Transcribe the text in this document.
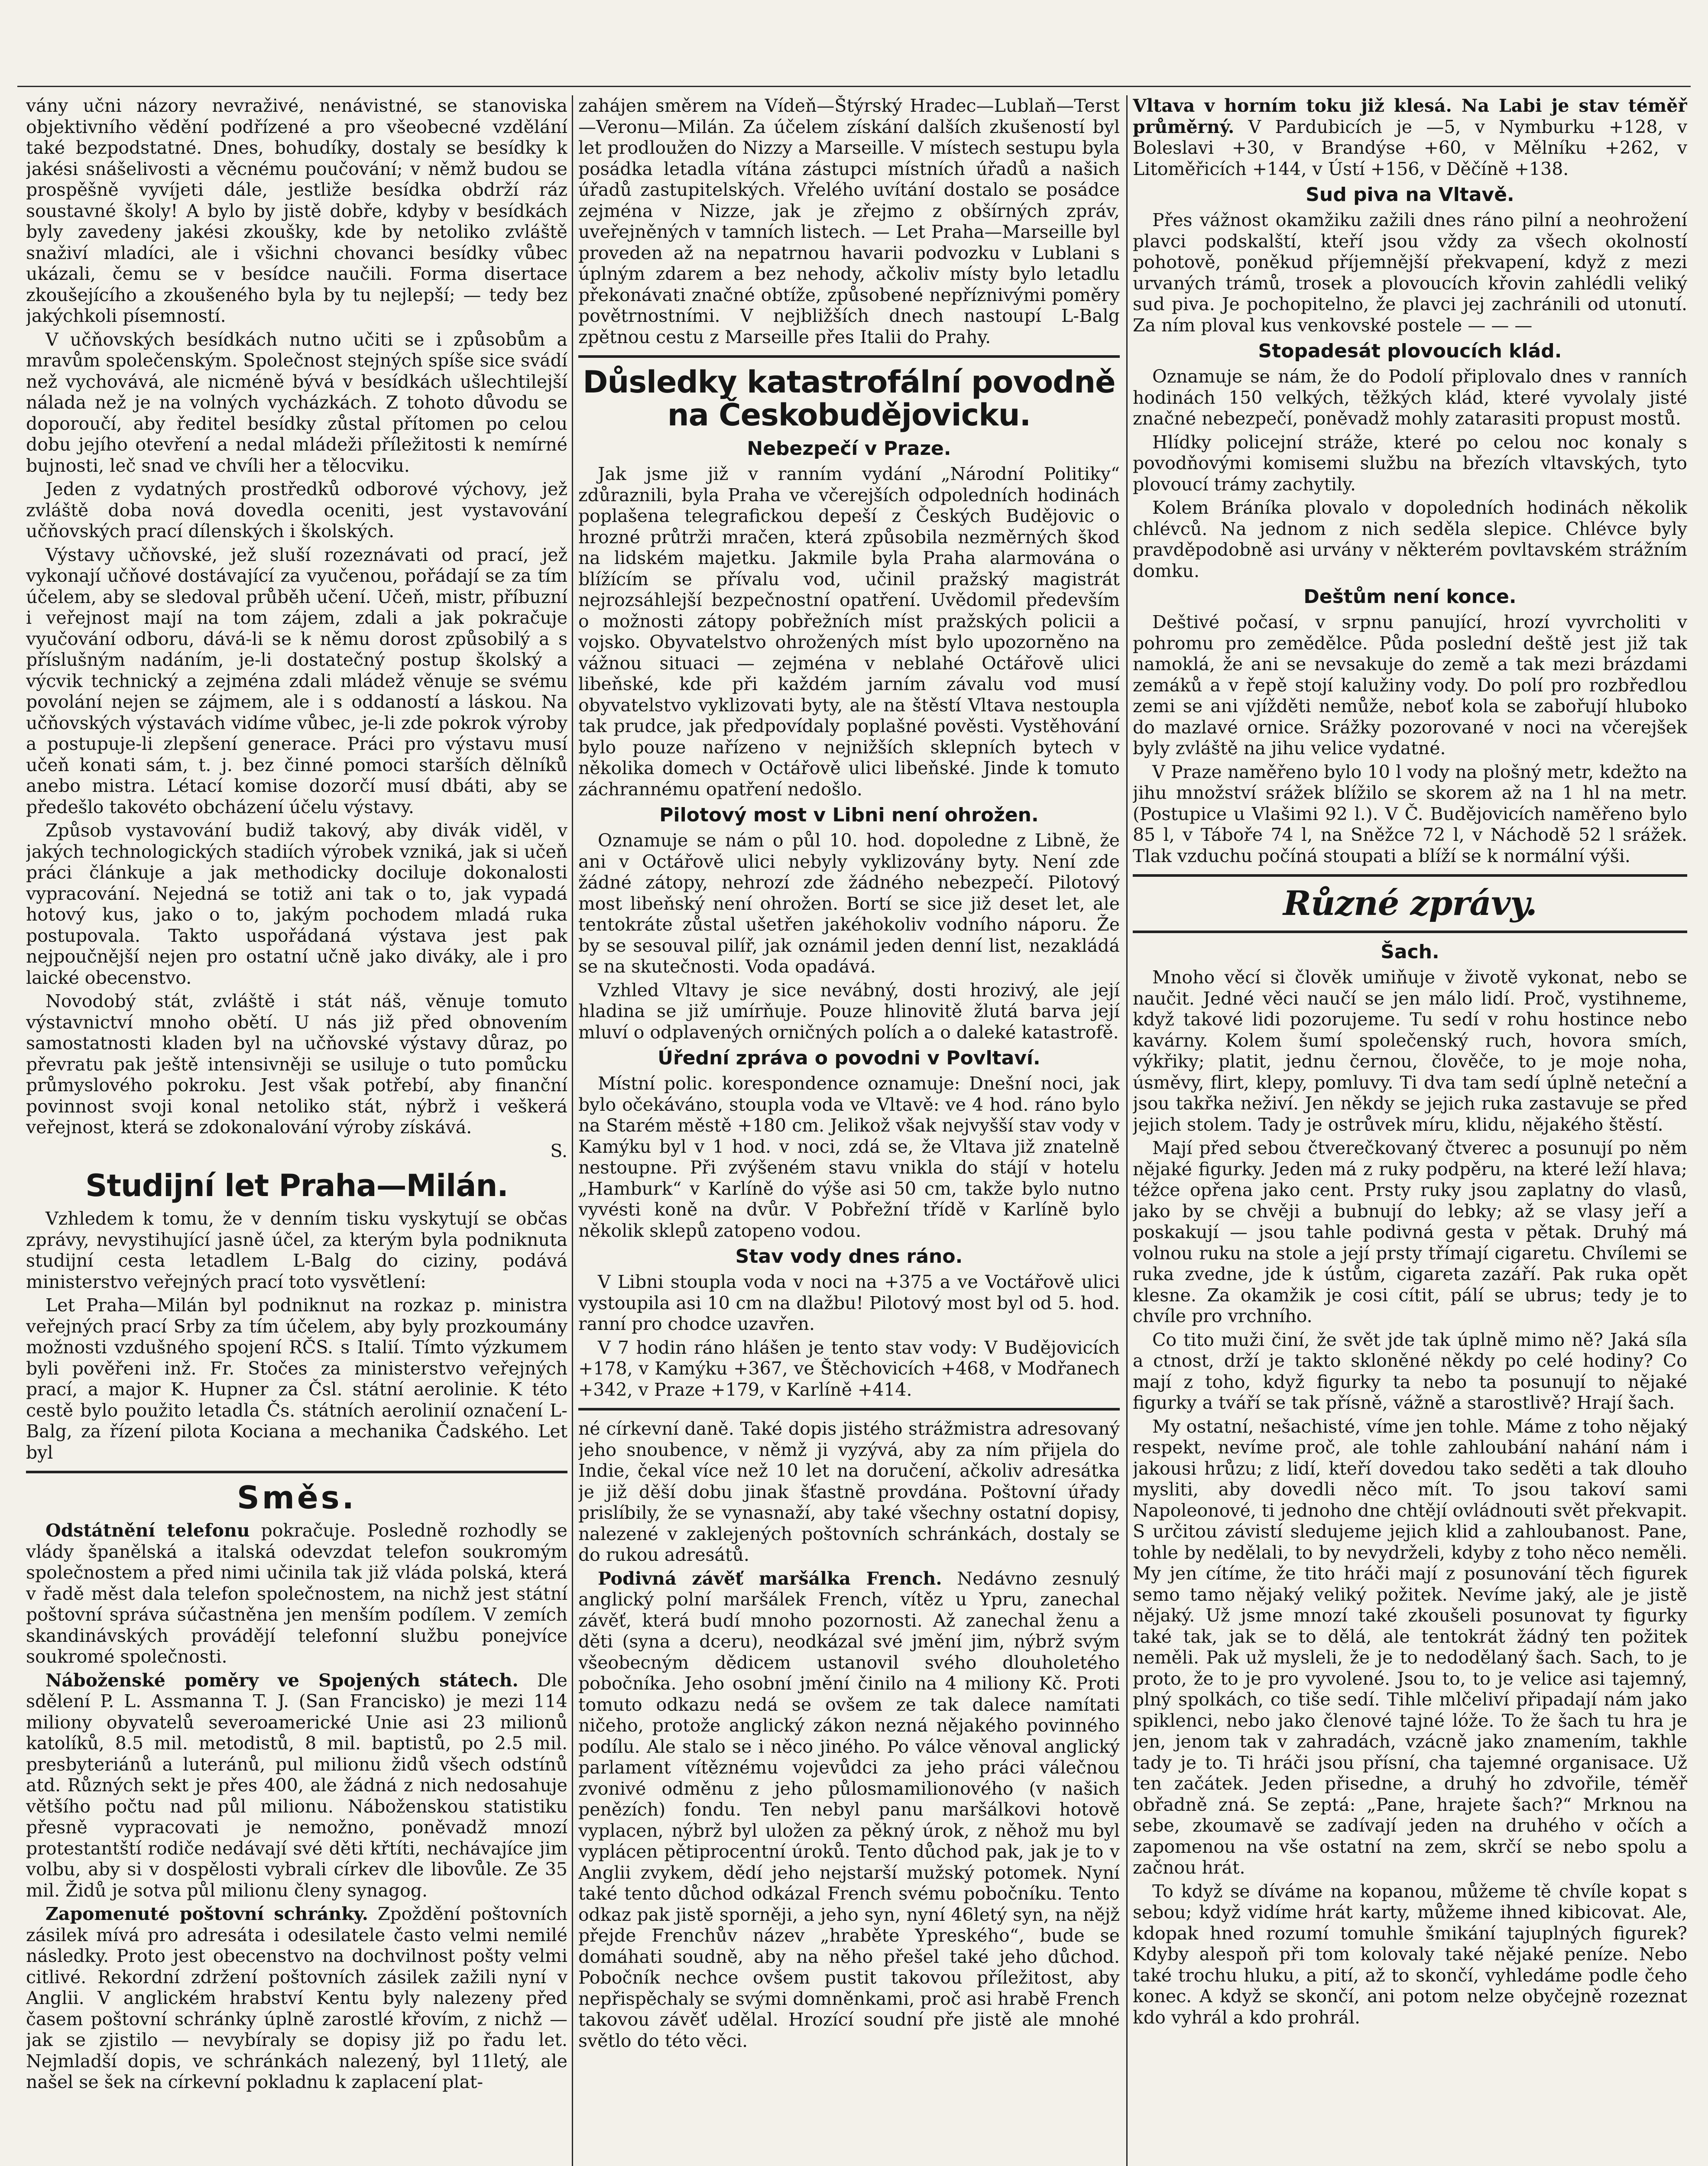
vány učni názory nevraživé, nenávistné, se stanoviska objektivního vědění podřízené a pro všeobecné vzdělání také bezpodstatné. Dnes, bohudíky, dostaly se besídky k jakési snášelivosti a věcnému poučování; v němž budou se prospěšně vyvíjeti dále, jestliže besídka obdrží ráz soustavné školy! A bylo by jistě dobře, kdyby v besídkách byly zavedeny jakési zkoušky, kde by netoliko zvláště snaživí mladíci, ale i všichni chovanci besídky vůbec ukázali, čemu se v besídce naučili. Forma disertace zkoušejícího a zkoušeného byla by tu nejlepší; — tedy bez jakýchkoli písemností.

V učňovských besídkách nutno učiti se i způsobům a mravům společenským. Společnost stejných spíše sice svádí než vychovává, ale nicméně bývá v besídkách ušlechtilejší nálada než je na volných vycházkách. Z tohoto důvodu se doporoučí, aby ředitel besídky zůstal přítomen po celou dobu jejího otevření a nedal mládeži příležitosti k nemírné bujnosti, leč snad ve chvíli her a tělocviku.

Jeden z vydatných prostředků odborové výchovy, jež zvláště doba nová dovedla oceniti, jest vystavování učňovských prací dílenských i školských.

Výstavy učňovské, jež sluší rozeznávati od prací, jež vykonají učňové dostávající za vyučenou, pořádají se za tím účelem, aby se sledoval průběh učení. Učeň, mistr, příbuzní i veřejnost mají na tom zájem, zdali a jak pokračuje vyučování odboru, dává-li se k němu dorost způsobilý a s příslušným nadáním, je-li dostatečný postup školský a výcvik technický a zejména zdali mládež věnuje se svému povolání nejen se zájmem, ale i s oddaností a láskou. Na učňovských výstavách vidíme vůbec, je-li zde pokrok výroby a postupuje-li zlepšení generace. Práci pro výstavu musí učeň konati sám, t. j. bez činné pomoci starších dělníků anebo mistra. Létací komise dozorčí musí dbáti, aby se předešlo takovéto obcházení účelu výstavy.

Způsob vystavování budiž takový, aby divák viděl, v jakých technologických stadiích výrobek vzniká, jak si učeň práci článkuje a jak methodicky dociluje dokonalosti vypracování. Nejedná se totiž ani tak o to, jak vypadá hotový kus, jako o to, jakým pochodem mladá ruka postupovala. Takto uspořádaná výstava jest pak nejpoučnější nejen pro ostatní učně jako diváky, ale i pro laické obecenstvo.

Novodobý stát, zvláště i stát náš, věnuje tomuto výstavnictví mnoho obětí. U nás již před obnovením samostatnosti kladen byl na učňovské výstavy důraz, po převratu pak ještě intensivněji se usiluje o tuto pomůcku průmyslového pokroku. Jest však potřebí, aby finanční povinnost svoji konal netoliko stát, nýbrž i veškerá veřejnost, která se zdokonalování výroby získává.

S.

Studijní let Praha—Milán.

Vzhledem k tomu, že v denním tisku vyskytují se občas zprávy, nevystihující jasně účel, za kterým byla podniknuta studijní cesta letadlem L-Balg do ciziny, podává ministerstvo veřejných prací toto vysvětlení:

Let Praha—Milán byl podniknut na rozkaz p. ministra veřejných prací Srby za tím účelem, aby byly prozkoumány možnosti vzdušného spojení RČS. s Italií. Tímto výzkumem byli pověřeni inž. Fr. Stočes za ministerstvo veřejných prací, a major K. Hupner za Čsl. státní aerolinie. K této cestě bylo použito letadla Čs. státních aerolinií označení L-Balg, za řízení pilota Kociana a mechanika Čadského. Let byl

Směs.

Odstátnění telefonu pokračuje. Posledně rozhodly se vlády španělská a italská odevzdat telefon soukromým společnostem a před nimi učinila tak již vláda polská, která v řadě měst dala telefon společnostem, na nichž jest státní poštovní správa súčastněna jen menším podílem. V zemích skandinávských provádějí telefonní službu ponejvíce soukromé společnosti.

Náboženské poměry ve Spojených státech. Dle sdělení P. L. Assmanna T. J. (San Francisko) je mezi 114 miliony obyvatelů severoamerické Unie asi 23 milionů katolíků, 8.5 mil. metodistů, 8 mil. baptistů, po 2.5 mil. presbyteriánů a luteránů, pul milionu židů všech odstínů atd. Různých sekt je přes 400, ale žádná z nich nedosahuje většího počtu nad půl milionu. Náboženskou statistiku přesně vypracovati je nemožno, poněvadž mnozí protestantští rodiče nedávají své děti křtíti, nechávajíce jim volbu, aby si v dospělosti vybrali církev dle libovůle. Ze 35 mil. Židů je sotva půl milionu členy synagog.

Zapomenuté poštovní schránky. Zpoždění poštovních zásilek mívá pro adresáta i odesilatele často velmi nemilé následky. Proto jest obecenstvo na dochvilnost pošty velmi citlivé. Rekordní zdržení poštovních zásilek zažili nyní v Anglii. V anglickém hrabství Kentu byly nalezeny před časem poštovní schránky úplně zarostlé křovím, z nichž — jak se zjistilo — nevybíraly se dopisy již po řadu let. Nejmladší dopis, ve schránkách nalezený, byl 11letý, ale našel se šek na církevní pokladnu k zaplacení plat-

zahájen směrem na Vídeň—Štýrský Hradec—Lublaň—Terst—Veronu—Milán. Za účelem získání dalších zkušeností byl let prodloužen do Nizzy a Marseille. V místech sestupu byla posádka letadla vítána zástupci místních úřadů a našich úřadů zastupitelských. Vřelého uvítání dostalo se posádce zejména v Nizze, jak je zřejmo z obšírných zpráv, uveřejněných v tamních listech. — Let Praha—Marseille byl proveden až na nepatrnou havarii podvozku v Lublani s úplným zdarem a bez nehody, ačkoliv místy bylo letadlu překonávati značné obtíže, způsobené nepříznivými poměry povětrnostními. V nejbližších dnech nastoupí L-Balg zpětnou cestu z Marseille přes Italii do Prahy.

Důsledky katastrofální povodně na Českobudějovicku.
Nebezpečí v Praze.

Jak jsme již v ranním vydání „Národní Politiky“ zdůraznili, byla Praha ve včerejších odpoledních hodinách poplašena telegrafickou depeší z Českých Budějovic o hrozné průtrži mračen, která způsobila nezměrných škod na lidském majetku. Jakmile byla Praha alarmována o blížícím se přívalu vod, učinil pražský magistrát nejrozsáhlejší bezpečnostní opatření. Uvědomil především o možnosti zátopy pobřežních míst pražských policii a vojsko. Obyvatelstvo ohrožených míst bylo upozorněno na vážnou situaci — zejména v neblahé Octářově ulici libeňské, kde při každém jarním závalu vod musí obyvatelstvo vyklizovati byty, ale na štěstí Vltava nestoupla tak prudce, jak předpovídaly poplašné pověsti. Vystěhování bylo pouze nařízeno v nejnižších sklepních bytech v několika domech v Octářově ulici libeňské. Jinde k tomuto záchrannému opatření nedošlo.

Pilotový most v Libni není ohrožen.

Oznamuje se nám o půl 10. hod. dopoledne z Libně, že ani v Octářově ulici nebyly vyklizovány byty. Není zde žádné zátopy, nehrozí zde žádného nebezpečí. Pilotový most libeňský není ohrožen. Bortí se sice již deset let, ale tentokráte zůstal ušetřen jakéhokoliv vodního náporu. Že by se sesouval pilíř, jak oznámil jeden denní list, nezakládá se na skutečnosti. Voda opadává.

Vzhled Vltavy je sice nevábný, dosti hrozivý, ale její hladina se již umírňuje. Pouze hlinovitě žlutá barva její mluví o odplavených orničných polích a o daleké katastrofě.

Úřední zpráva o povodni v Povltaví.

Místní polic. korespondence oznamuje: Dnešní noci, jak bylo očekáváno, stoupla voda ve Vltavě: ve 4 hod. ráno bylo na Starém městě +180 cm. Jelikož však nejvyšší stav vody v Kamýku byl v 1 hod. v noci, zdá se, že Vltava již znatelně nestoupne. Při zvýšeném stavu vnikla do stájí v hotelu „Hamburk“ v Karlíně do výše asi 50 cm, takže bylo nutno vyvésti koně na dvůr. V Pobřežní třídě v Karlíně bylo několik sklepů zatopeno vodou.

Stav vody dnes ráno.

V Libni stoupla voda v noci na +375 a ve Voctářově ulici vystoupila asi 10 cm na dlažbu! Pilotový most byl od 5. hod. ranní pro chodce uzavřen.

V 7 hodin ráno hlášen je tento stav vody: V Budějovicích +178, v Kamýku +367, ve Štěchovicích +468, v Modřanech +342, v Praze +179, v Karlíně +414.

né církevní daně. Také dopis jistého strážmistra adresovaný jeho snoubence, v němž ji vyzývá, aby za ním přijela do Indie, čekal více než 10 let na doručení, ačkoliv adresátka je již děší dobu jinak šťastně provdána. Poštovní úřady prislíbily, že se vynasnaží, aby také všechny ostatní dopisy, nalezené v zaklejených poštovních schránkách, dostaly se do rukou adresátů.

Podivná závěť maršálka French. Nedávno zesnulý anglický polní maršálek French, vítěz u Ypru, zanechal závěť, která budí mnoho pozornosti. Až zanechal ženu a děti (syna a dceru), neodkázal své jmění jim, nýbrž svým všeobecným dědicem ustanovil svého dlouholetého pobočníka. Jeho osobní jmění činilo na 4 miliony Kč. Proti tomuto odkazu nedá se ovšem ze tak dalece namítati ničeho, protože anglický zákon nezná nějakého povinného podílu. Ale stalo se i něco jiného. Po válce věnoval anglický parlament vítěznému vojevůdci za jeho práci válečnou zvonivé odměnu z jeho půlosmamilionového (v našich penězích) fondu. Ten nebyl panu maršálkovi hotově vyplacen, nýbrž byl uložen za pěkný úrok, z něhož mu byl vyplácen pětiprocentní úroků. Tento důchod pak, jak je to v Anglii zvykem, dědí jeho nejstarší mužský potomek. Nyní také tento důchod odkázal French svému pobočníku. Tento odkaz pak jistě sporněji, a jeho syn, nyní 46letý syn, na nějž přejde Frenchův název „hraběte Ypreského“, bude se domáhati soudně, aby na něho přešel také jeho důchod. Pobočník nechce ovšem pustit takovou příležitost, aby nepřispěchaly se svými domněnkami, proč asi hrabě French takovou závěť udělal. Hrozící soudní pře jistě ale mnohé světlo do této věci.

Vltava v horním toku již klesá. Na Labi je stav téměř průměrný. V Pardubicích je —5, v Nymburku +128, v Boleslavi +30, v Brandýse +60, v Mělníku +262, v Litoměřicích +144, v Ústí +156, v Děčíně +138.

Sud piva na Vltavě.

Přes vážnost okamžiku zažili dnes ráno pilní a neohrožení plavci podskalští, kteří jsou vždy za všech okolností pohotově, poněkud příjemnější překvapení, když z mezi urvaných trámů, trosek a plovoucích křovin zahlédli veliký sud piva. Je pochopitelno, že plavci jej zachránili od utonutí. Za ním ploval kus venkovské postele — — —

Stopadesát plovoucích klád.

Oznamuje se nám, že do Podolí připlovalo dnes v ranních hodinách 150 velkých, těžkých klád, které vyvolaly jisté značné nebezpečí, poněvadž mohly zatarasiti propust mostů.

Hlídky policejní stráže, které po celou noc konaly s povodňovými komisemi službu na březích vltavských, tyto plovoucí trámy zachytily.

Kolem Bráníka plovalo v dopoledních hodinách několik chlévců. Na jednom z nich seděla slepice. Chlévce byly pravděpodobně asi urvány v některém povltavském strážním domku.

Deštům není konce.

Deštivé počasí, v srpnu panující, hrozí vyvrcholiti v pohromu pro zemědělce. Půda poslední deště jest již tak namoklá, že ani se nevsakuje do země a tak mezi brázdami zemáků a v řepě stojí kalužiny vody. Do polí pro rozbředlou zemi se ani vjížděti nemůže, neboť kola se zabořují hluboko do mazlavé ornice. Srážky pozorované v noci na včerejšek byly zvláště na jihu velice vydatné.

V Praze naměřeno bylo 10 l vody na plošný metr, kdežto na jihu množství srážek blížilo se skorem až na 1 hl na metr. (Postupice u Vlašimi 92 l.). V Č. Budějovicích naměřeno bylo 85 l, v Táboře 74 l, na Sněžce 72 l, v Náchodě 52 l srážek. Tlak vzduchu počíná stoupati a blíží se k normální výši.

Různé zprávy.
Šach.

Mnoho věcí si člověk umiňuje v životě vykonat, nebo se naučit. Jedné věci naučí se jen málo lidí. Proč, vystihneme, když takové lidi pozorujeme. Tu sedí v rohu hostince nebo kavárny. Kolem šumí společenský ruch, hovora smích, výkřiky; platit, jednu černou, člověče, to je moje noha, úsměvy, flirt, klepy, pomluvy. Ti dva tam sedí úplně neteční a jsou takřka neživí. Jen někdy se jejich ruka zastavuje se před jejich stolem. Tady je ostrůvek míru, klidu, nějakého štěstí.

Mají před sebou čtverečkovaný čtverec a posunují po něm nějaké figurky. Jeden má z ruky podpěru, na které leží hlava; téžce opřena jako cent. Prsty ruky jsou zaplatny do vlasů, jako by se chvěji a bubnují do lebky; až se vlasy jeří a poskakují — jsou tahle podivná gesta v pětak. Druhý má volnou ruku na stole a její prsty třímají cigaretu. Chvílemi se ruka zvedne, jde k ústům, cigareta zazáří. Pak ruka opět klesne. Za okamžik je cosi cítit, pálí se ubrus; tedy je to chvíle pro vrchního.

Co tito muži činí, že svět jde tak úplně mimo ně? Jaká síla a ctnost, drží je takto skloněné někdy po celé hodiny? Co mají z toho, když figurky ta nebo ta posunují to nějaké figurky a tváří se tak přísně, vážně a starostlivě? Hrají šach.

My ostatní, nešachisté, víme jen tohle. Máme z toho nějaký respekt, nevíme proč, ale tohle zahloubání nahání nám i jakousi hrůzu; z lidí, kteří dovedou tako seděti a tak dlouho mysliti, aby dovedli něco mít. To jsou takoví sami Napoleonové, ti jednoho dne chtějí ovládnouti svět překvapit. S určitou závistí sledujeme jejich klid a zahloubanost. Pane, tohle by nedělali, to by nevydrželi, kdyby z toho něco neměli. My jen cítíme, že tito hráči mají z posunování těch figurek semo tamo nějaký veliký požitek. Nevíme jaký, ale je jistě nějaký. Už jsme mnozí také zkoušeli posunovat ty figurky také tak, jak se to dělá, ale tentokrát žádný ten požitek neměli. Pak už mysleli, že je to nedodělaný šach. Sach, to je proto, že to je pro vyvolené. Jsou to, to je velice asi tajemný, plný spolkách, co tiše sedí. Tihle mlčeliví připadají nám jako spiklenci, nebo jako členové tajné lóže. To že šach tu hra je jen, jenom tak v zahradách, vzácně jako znamením, takhle tady je to. Ti hráči jsou přísní, cha tajemné organisace. Už ten začátek. Jeden přisedne, a druhý ho zdvořile, téměř obřadně zná. Se zeptá: „Pane, hrajete šach?“ Mrknou na sebe, zkoumavě se zadívají jeden na druhého v očích a zapomenou na vše ostatní na zem, skrčí se nebo spolu a začnou hrát.

To když se díváme na kopanou, můžeme tě chvíle kopat s sebou; když vidíme hrát karty, můžeme ihned kibicovat. Ale, kdopak hned rozumí tomuhle šmikání tajuplných figurek? Kdyby alespoň při tom kolovaly také nějaké peníze. Nebo také trochu hluku, a pití, až to skončí, vyhledáme podle čeho konec. A když se skončí, ani potom nelze obyčejně rozeznat kdo vyhrál a kdo prohrál.
